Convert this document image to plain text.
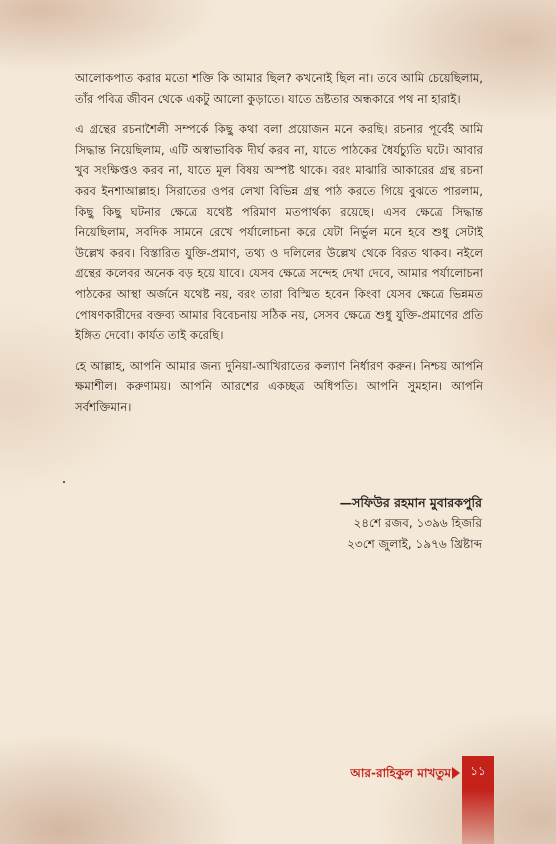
আলোকপাত করার মতো শক্তি কি আমার ছিল? কখনোই ছিল না। তবে আমি চেয়েছিলাম, তাঁর পবিত্র জীবন থেকে একটু আলো কুড়াতে। যাতে ভ্রষ্টতার অন্ধকারে পথ না হারাই।

এ গ্রন্থের রচনাশৈলী সম্পর্কে কিছু কথা বলা প্রয়োজন মনে করছি। রচনার পূর্বেই আমি সিদ্ধান্ত নিয়েছিলাম, এটি অস্বাভাবিক দীর্ঘ করব না, যাতে পাঠকের ধৈর্যচ্যুতি ঘটে। আবার খুব সংক্ষিপ্তও করব না, যাতে মূল বিষয় অস্পষ্ট থাকে। বরং মাঝারি আকারের গ্রন্থ রচনা করব ইনশাআল্লাহ। সিরাতের ওপর লেখা বিভিন্ন গ্রন্থ পাঠ করতে গিয়ে বুঝতে পারলাম, কিছু কিছু ঘটনার ক্ষেত্রে যথেষ্ট পরিমাণ মতপার্থক্য রয়েছে। এসব ক্ষেত্রে সিদ্ধান্ত নিয়েছিলাম, সবদিক সামনে রেখে পর্যালোচনা করে যেটা নির্ভুল মনে হবে শুধু সেটাই উল্লেখ করব। বিস্তারিত যুক্তি-প্রমাণ, তথ্য ও দলিলের উল্লেখ থেকে বিরত থাকব। নইলে গ্রন্থের কলেবর অনেক বড় হয়ে যাবে। যেসব ক্ষেত্রে সন্দেহ দেখা দেবে, আমার পর্যালোচনা পাঠকের আস্থা অর্জনে যথেষ্ট নয়, বরং তারা বিস্মিত হবেন কিংবা যেসব ক্ষেত্রে ভিন্নমত পোষণকারীদের বক্তব্য আমার বিবেচনায় সঠিক নয়, সেসব ক্ষেত্রে শুধু যুক্তি-প্রমাণের প্রতি ইঙ্গিত দেবো। কার্যত তাই করেছি।

হে আল্লাহ, আপনি আমার জন্য দুনিয়া-আখিরাতের কল্যাণ নির্ধারণ করুন। নিশ্চয় আপনি ক্ষমাশীল। করুণাময়। আপনি আরশের একচ্ছত্র অধিপতি। আপনি সুমহান। আপনি সর্বশক্তিমান।

—সফিউর রহমান মুবারকপুরি
২৪শে রজব, ১৩৯৬ হিজরি
২৩শে জুলাই, ১৯৭৬ খ্রিষ্টাব্দ
আর-রাহিকুল মাখতুম	১১
